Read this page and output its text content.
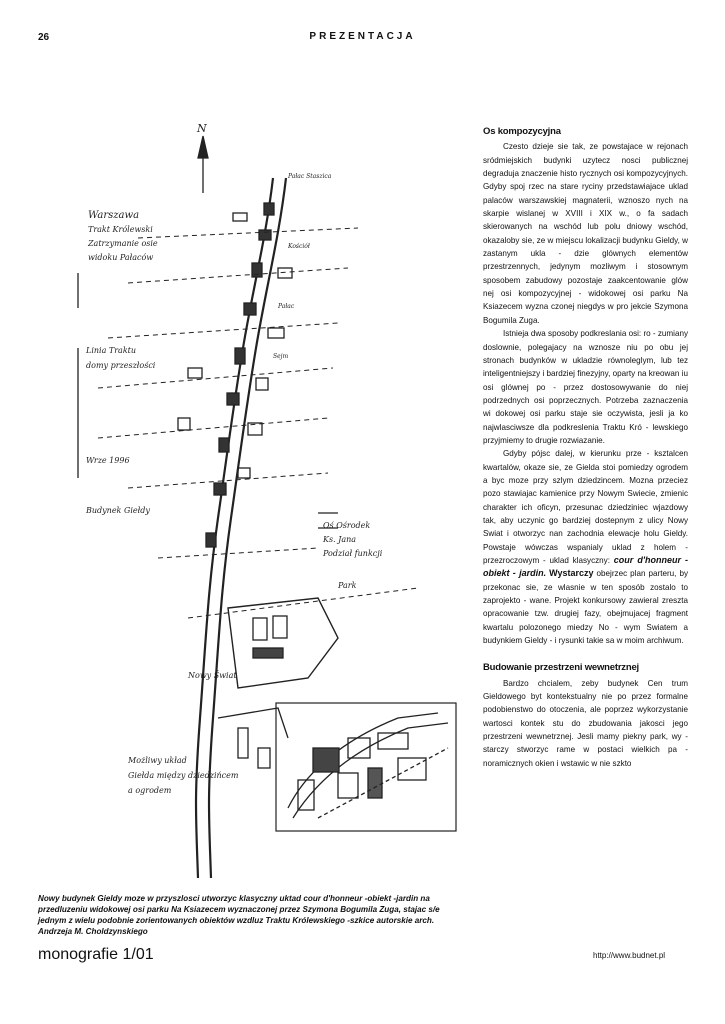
26	PREZENTACJA
N
Warszawa
Trakt Królewski
Zatrzymanie osie
widoku Pałaców
Linia Traktu
domy przeszłości
Wrze 1996
Budynek Giełdy
Oś Ośrodek
Ks. Jana
Podział funkcji
Park
Nowy Świat
Możliwy układ
Giełda między dziedzińcem
a ogrodem
Pałac Staszica
Kościół
Pałac
Sejm

Nowy budynek Gieldy moze w przyszlosci utworzyc klasyczny uktad cour d'honneur -obiekt -jardin na przedluzeniu widokowej osi parku Na Ksiazecem wyznaczonej przez Szymona Bogumila Zuga, stajac s/e jednym z wielu podobnie zorientowanych obiektów wzdluz Traktu Królewskiego -szkice autorskie arch. Andrzeja M. Choldzynskiego

Os kompozycyjna

Czesto dzieje sie tak, ze powstajace w rejonach sródmiejskich budynki uzytecz nosci publicznej degraduja znaczenie histo rycznych osi kompozycyjnych. Gdyby spoj rzec na stare ryciny przedstawiajace uklad palaców warszawskiej magnaterii, wznoszo nych na skarpie wislanej w XVIII i XIX w., o fa sadach skierowanych na wschód lub polu dniowy wschód, okazaloby sie, ze w miejscu lokalizacji budynku Gieldy, w zastanym ukla - dzie glównych elementów przestrzennych, jedynym mozliwym i stosownym sposobem zabudowy pozostaje zaakcentowanie glów nej osi kompozycyjnej - widokowej osi parku Na Ksiazecem wyzna czonej niegdys w pro jekcie Szymona Bogumila Zuga.

Istnieja dwa sposoby podkreslania osi: ro - zumiany doslownie, polegajacy na wznosze niu po obu jej stronach budynków w ukladzie równoleglym, lub tez inteligentniejszy i bardziej finezyjny, oparty na kreowan iu osi glównej po - przez dostosowywanie do niej podrzednych osi poprzecznych. Potrzeba zaznaczenia wi dokowej osi parku staje sie oczywista, jesli ja ko najwlasciwsze dla podkreslenia Traktu Kró - lewskiego przyjmiemy to drugie rozwiazanie.

Gdyby pójsc dalej, w kierunku prze - ksztalcen kwartalów, okaze sie, ze Gielda stoi pomiedzy ogrodem a byc moze przy szlym dziedzincem. Mozna przeciez pozo stawiajac kamienice przy Nowym Swiecie, zmienic charakter ich oficyn, przesunac dziedziniec wjazdowy tak, aby uczynic go bardziej dostepnym z ulicy Nowy Swiat i otworzyc nan zachodnia elewacje holu Gieldy. Powstaje wówczas wspanialy uklad z holem - przezroczowym - uklad klasyczny: cour d'honneur - obiekt - jardin. Wystarczy obejrzec plan parteru, by przekonac sie, ze wlasnie w ten sposób zostalo to zaprojekto - wane. Projekt konkursowy zawieral zreszta opracowanie tzw. drugiej fazy, obejmujacej fragment kwartalu polozonego miedzy No - wym Swiatem a budynkiem Gieldy - i rysunki takie sa w moim archiwum.

Budowanie przestrzeni wewnetrznej

Bardzo chcialem, zeby budynek Cen trum Gieldowego byt kontekstualny nie po przez formalne podobienstwo do otoczenia, ale poprzez wykorzystanie wartosci kontek stu do zbudowania jakosci jego przestrzeni wewnetrznej. Jesli mamy piekny park, wy - starczy stworzyc rame w postaci wielkich pa - noramicznych okien i wstawic w nie szkto

monografie 1/01	http://www.budnet.pl
